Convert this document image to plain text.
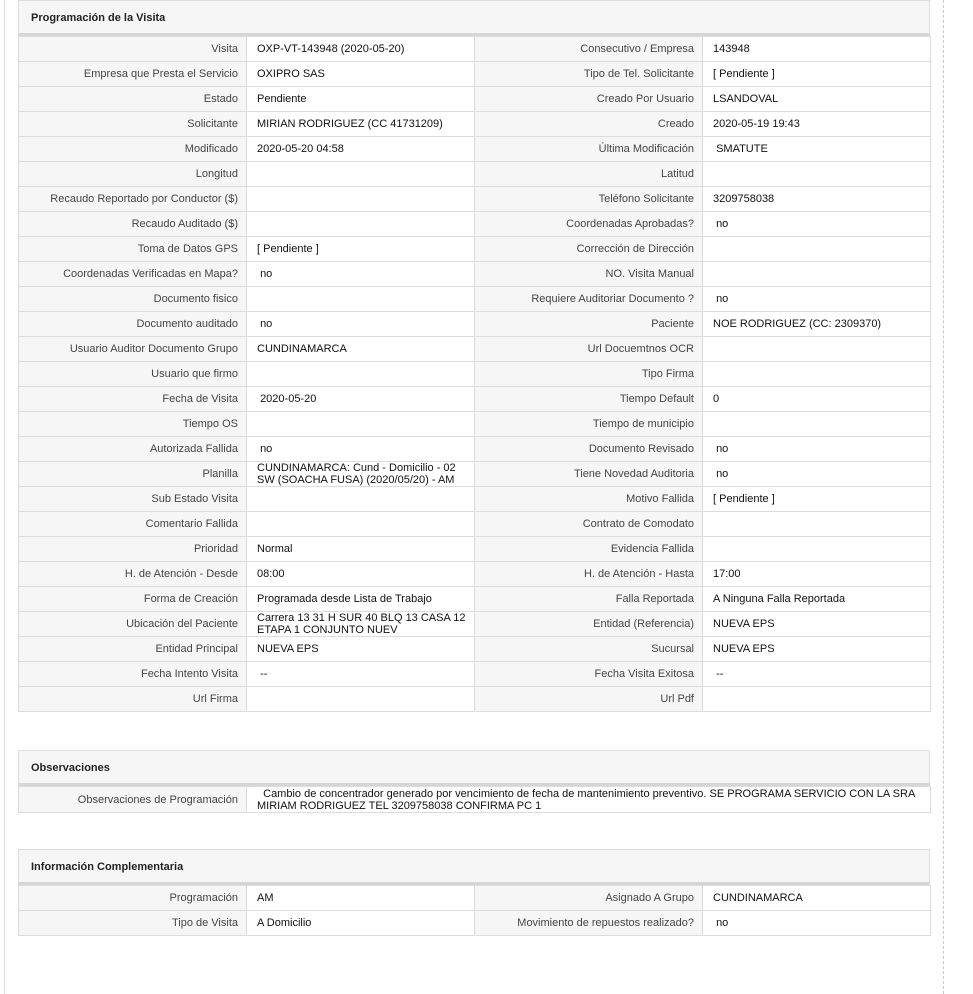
Programación de la Visita
Visita	OXP-VT-143948 (2020-05-20)	Consecutivo / Empresa	143948
Empresa que Presta el Servicio	OXIPRO SAS	Tipo de Tel. Solicitante	[ Pendiente ]
Estado	Pendiente	Creado Por Usuario	LSANDOVAL
Solicitante	MIRIAN RODRIGUEZ (CC 41731209)	Creado	2020-05-19 19:43
Modificado	2020-05-20 04:58	Última Modificación	SMATUTE
Longitud		Latitud	
Recaudo Reportado por Conductor ($)		Teléfono Solicitante	3209758038
Recaudo Auditado ($)		Coordenadas Aprobadas?	no
Toma de Datos GPS	[ Pendiente ]	Corrección de Dirección	
Coordenadas Verificadas en Mapa?	no	NO. Visita Manual	
Documento fisico		Requiere Auditoriar Documento ?	no
Documento auditado	no	Paciente	NOE RODRIGUEZ (CC: 2309370)
Usuario Auditor Documento Grupo	CUNDINAMARCA	Url Docuemtnos OCR	
Usuario que firmo		Tipo Firma	
Fecha de Visita	2020-05-20	Tiempo Default	0
Tiempo OS		Tiempo de municipio	
Autorizada Fallida	no	Documento Revisado	no
Planilla	CUNDINAMARCA: Cund - Domicilio - 02 SW (SOACHA FUSA) (2020/05/20) - AM	Tiene Novedad Auditoria	no
Sub Estado Visita		Motivo Fallida	[ Pendiente ]
Comentario Fallida		Contrato de Comodato	
Prioridad	Normal	Evidencia Fallida	
H. de Atención - Desde	08:00	H. de Atención - Hasta	17:00
Forma de Creación	Programada desde Lista de Trabajo	Falla Reportada	A Ninguna Falla Reportada
Ubicación del Paciente	Carrera 13 31 H SUR 40 BLQ 13 CASA 12 ETAPA 1 CONJUNTO NUEV	Entidad (Referencia)	NUEVA EPS
Entidad Principal	NUEVA EPS	Sucursal	NUEVA EPS
Fecha Intento Visita	--	Fecha Visita Exitosa	--
Url Firma		Url Pdf	
Observaciones
Observaciones de Programación	Cambio de concentrador generado por vencimiento de fecha de mantenimiento preventivo. SE PROGRAMA SERVICIO CON LA SRA MIRIAM RODRIGUEZ TEL 3209758038 CONFIRMA PC 1
Información Complementaria
Programación	AM	Asignado A Grupo	CUNDINAMARCA
Tipo de Visita	A Domicilio	Movimiento de repuestos realizado?	no
